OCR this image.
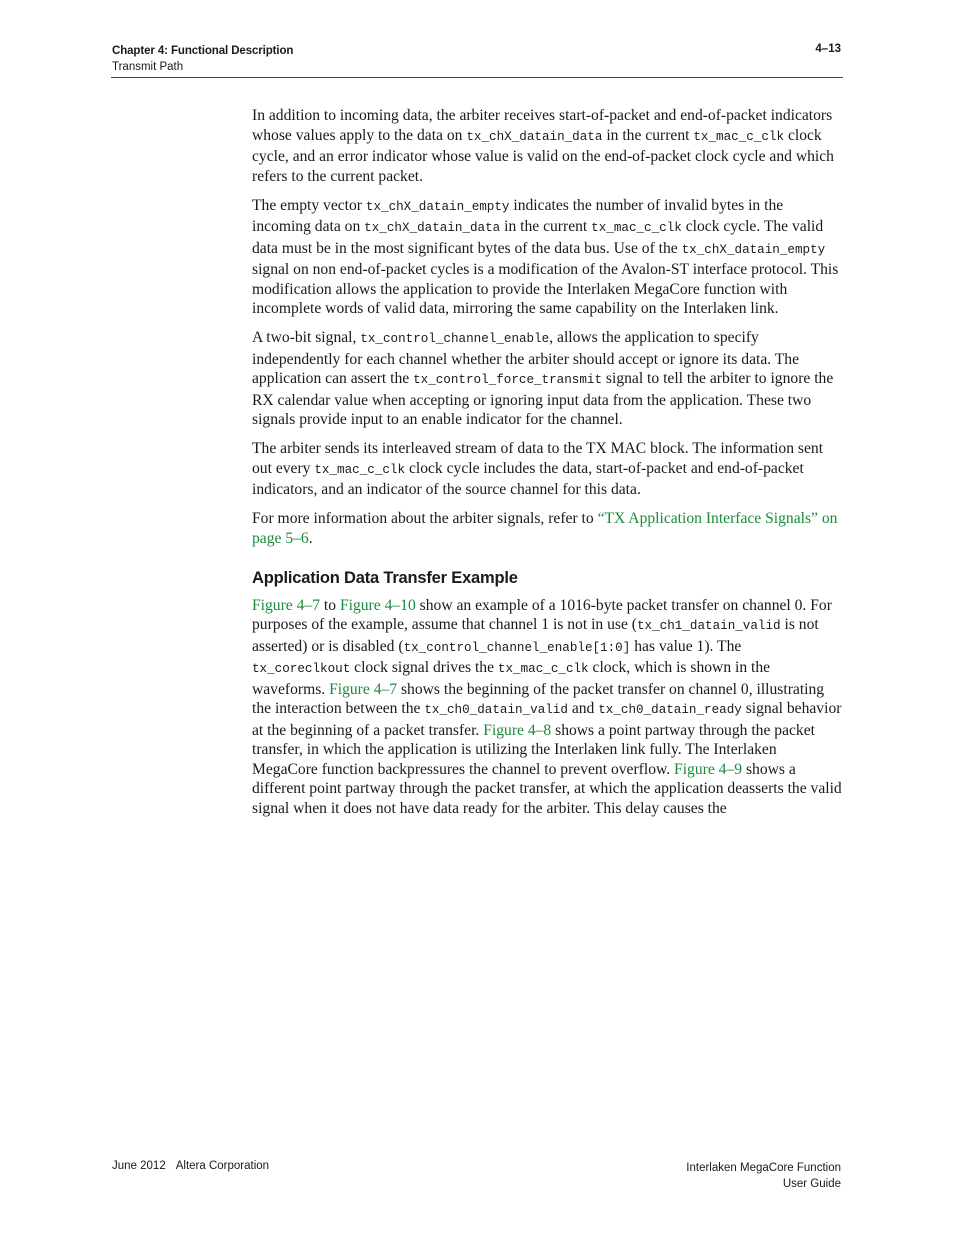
Chapter 4: Functional Description
Transmit Path
4–13

In addition to incoming data, the arbiter receives start-of-packet and end-of-packet indicators whose values apply to the data on tx_chX_datain_data in the current tx_mac_c_clk clock cycle, and an error indicator whose value is valid on the end-of-packet clock cycle and which refers to the current packet.

The empty vector tx_chX_datain_empty indicates the number of invalid bytes in the incoming data on tx_chX_datain_data in the current tx_mac_c_clk clock cycle. The valid data must be in the most significant bytes of the data bus. Use of the tx_chX_datain_empty signal on non end-of-packet cycles is a modification of the Avalon-ST interface protocol. This modification allows the application to provide the Interlaken MegaCore function with incomplete words of valid data, mirroring the same capability on the Interlaken link.

A two-bit signal, tx_control_channel_enable, allows the application to specify independently for each channel whether the arbiter should accept or ignore its data. The application can assert the tx_control_force_transmit signal to tell the arbiter to ignore the RX calendar value when accepting or ignoring input data from the application. These two signals provide input to an enable indicator for the channel.

The arbiter sends its interleaved stream of data to the TX MAC block. The information sent out every tx_mac_c_clk clock cycle includes the data, start-of-packet and end-of-packet indicators, and an indicator of the source channel for this data.

For more information about the arbiter signals, refer to “TX Application Interface Signals” on page 5–6.

Application Data Transfer Example

Figure 4–7 to Figure 4–10 show an example of a 1016-byte packet transfer on channel 0. For purposes of the example, assume that channel 1 is not in use (tx_ch1_datain_valid is not asserted) or is disabled (tx_control_channel_enable[1:0] has value 1). The tx_coreclkout clock signal drives the tx_mac_c_clk clock, which is shown in the waveforms. Figure 4–7 shows the beginning of the packet transfer on channel 0, illustrating the interaction between the tx_ch0_datain_valid and tx_ch0_datain_ready signal behavior at the beginning of a packet transfer. Figure 4–8 shows a point partway through the packet transfer, in which the application is utilizing the Interlaken link fully. The Interlaken MegaCore function backpressures the channel to prevent overflow. Figure 4–9 shows a different point partway through the packet transfer, at which the application deasserts the valid signal when it does not have data ready for the arbiter. This delay causes the

June 2012 Altera Corporation	Interlaken MegaCore Function
User Guide
